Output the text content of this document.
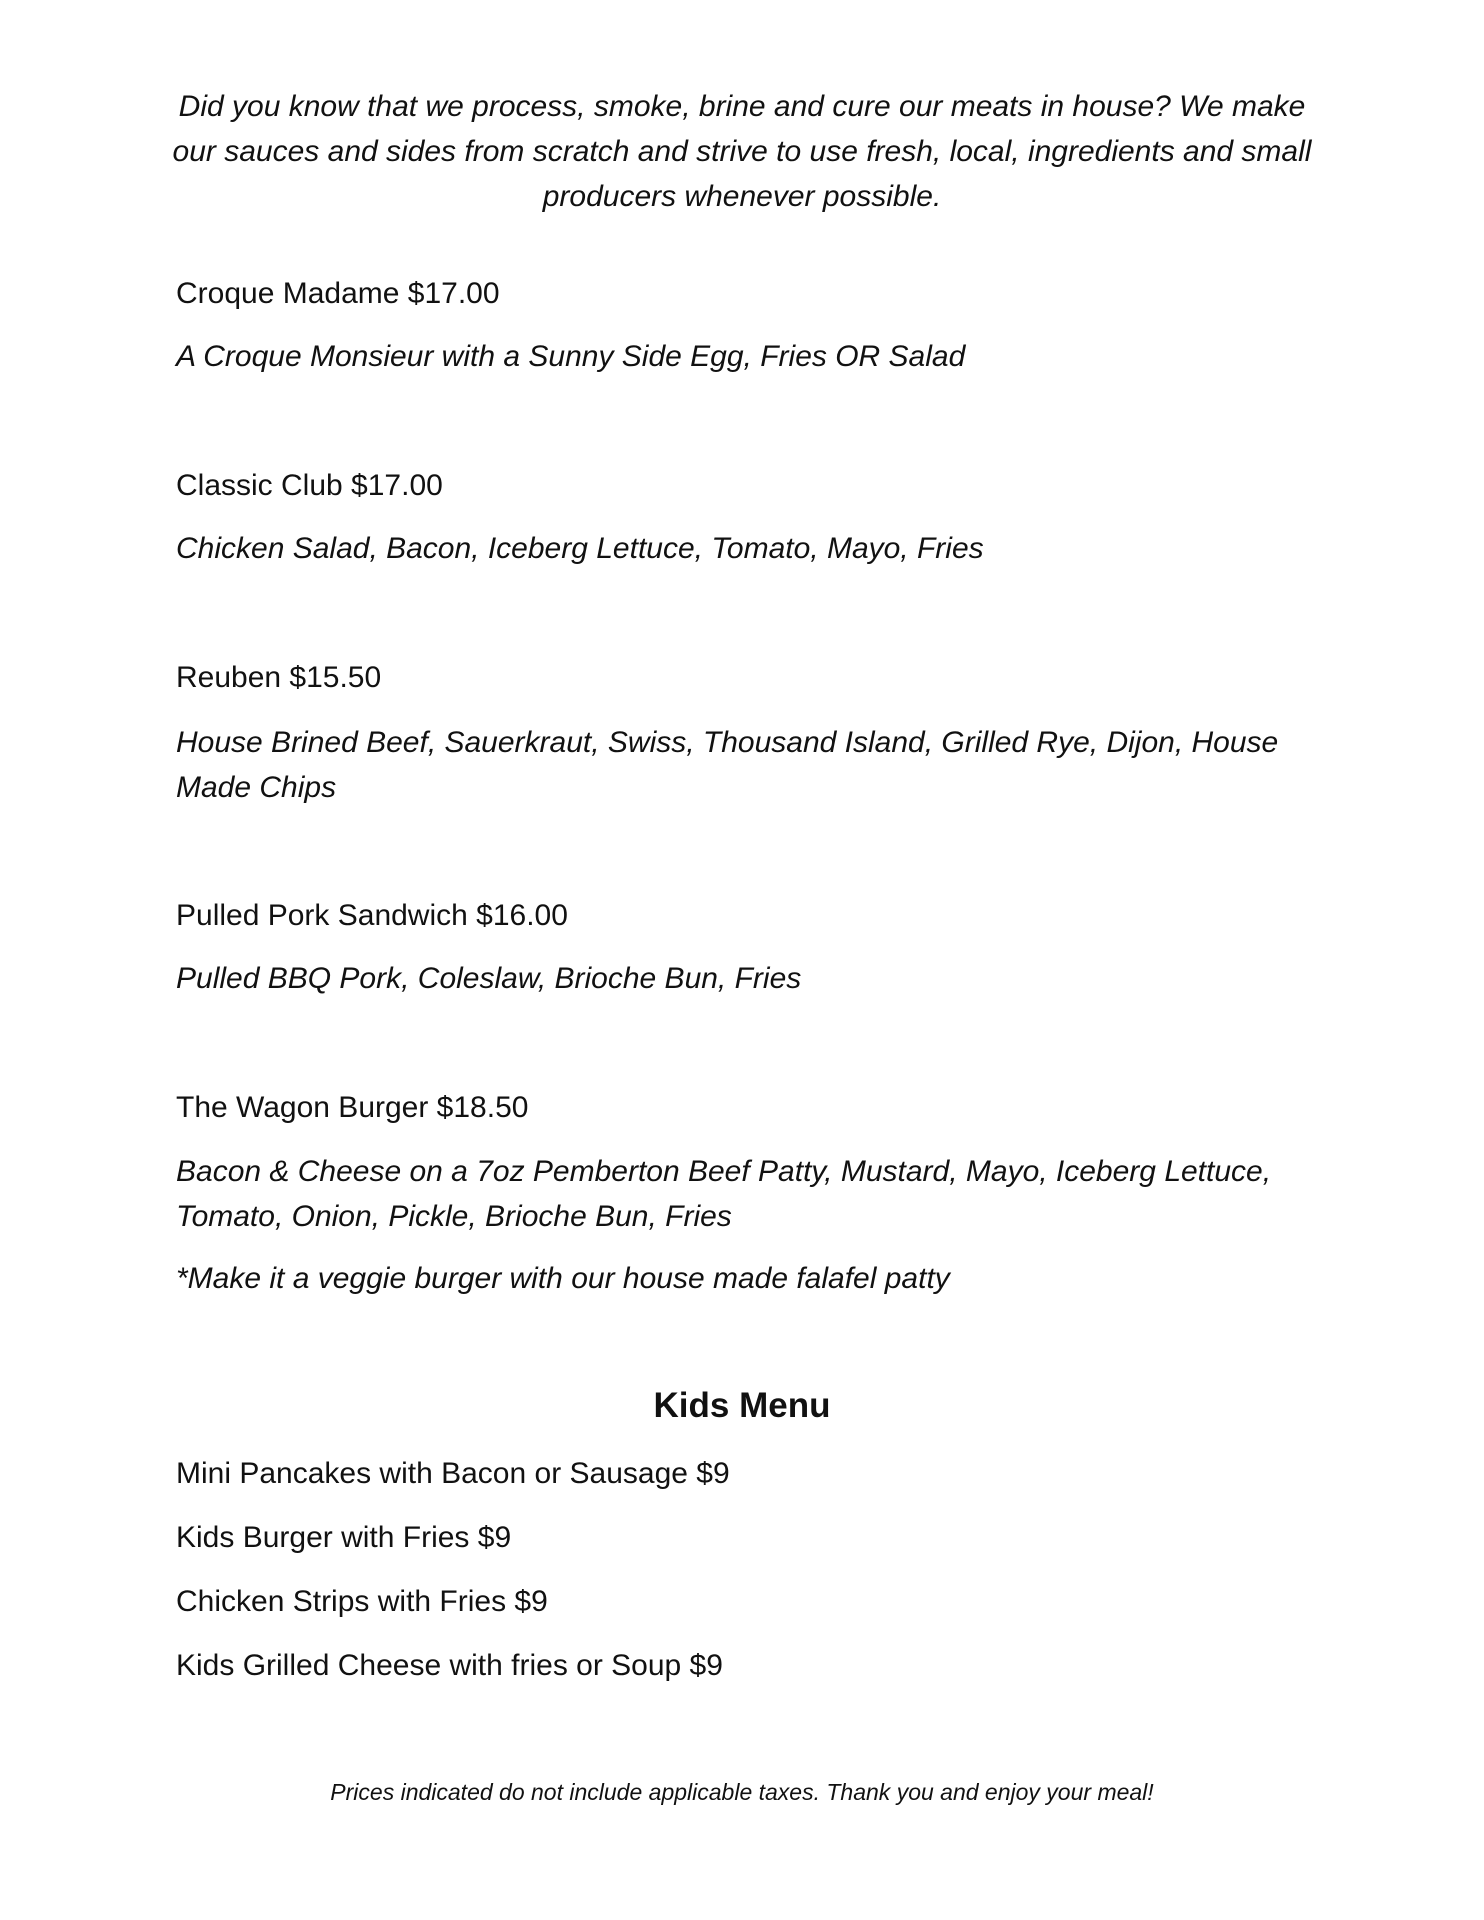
Did you know that we process, smoke, brine and cure our meats in house? We make our sauces and sides from scratch and strive to use fresh, local, ingredients and small producers whenever possible.
Croque Madame $17.00
A Croque Monsieur with a Sunny Side Egg, Fries OR Salad
Classic Club $17.00
Chicken Salad, Bacon, Iceberg Lettuce, Tomato, Mayo, Fries
Reuben $15.50
House Brined Beef, Sauerkraut, Swiss, Thousand Island, Grilled Rye, Dijon, House Made Chips
Pulled Pork Sandwich $16.00
Pulled BBQ Pork, Coleslaw, Brioche Bun, Fries
The Wagon Burger $18.50
Bacon & Cheese on a 7oz Pemberton Beef Patty, Mustard, Mayo, Iceberg Lettuce, Tomato, Onion, Pickle, Brioche Bun, Fries
*Make it a veggie burger with our house made falafel patty
Kids Menu
Mini Pancakes with Bacon or Sausage $9
Kids Burger with Fries $9
Chicken Strips with Fries $9
Kids Grilled Cheese with fries or Soup $9
Prices indicated do not include applicable taxes. Thank you and enjoy your meal!
